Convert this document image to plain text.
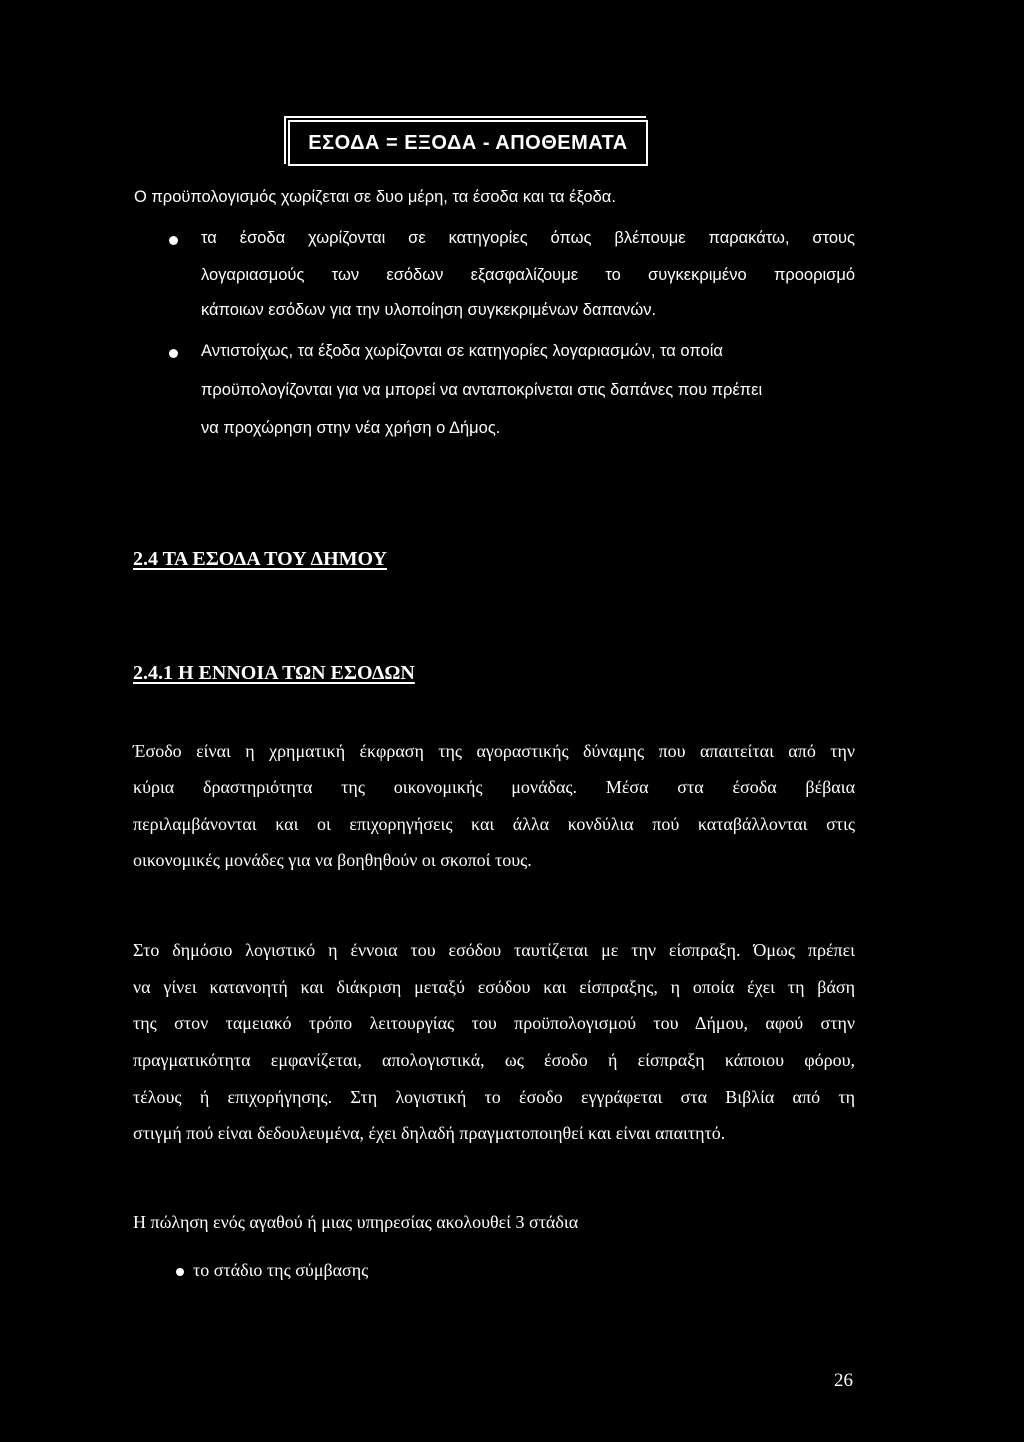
ΕΣΟΔΑ = ΕΞΟΔΑ - ΑΠΟΘΕΜΑΤΑ
Ο προϋπολογισμός χωρίζεται σε δυο μέρη, τα έσοδα και τα έξοδα.
τα έσοδα χωρίζονται σε κατηγορίες όπως βλέπουμε παρακάτω, στους
λογαριασμούς των εσόδων εξασφαλίζουμε το συγκεκριμένο προορισμό
κάποιων εσόδων για την υλοποίηση συγκεκριμένων δαπανών.
Αντιστοίχως, τα έξοδα χωρίζονται σε κατηγορίες λογαριασμών, τα οποία
προϋπολογίζονται για να μπορεί να ανταποκρίνεται στις δαπάνες που πρέπει
να προχώρηση στην νέα χρήση ο Δήμος.
2.4 ΤΑ ΕΣΟΔΑ ΤΟΥ ΔΗΜΟΥ
2.4.1 Η ΕΝΝΟΙΑ ΤΩΝ ΕΣΟΔΩΝ
Έσοδο είναι η χρηματική έκφραση της αγοραστικής δύναμης που απαιτείται από την
κύρια δραστηριότητα της οικονομικής μονάδας. Μέσα στα έσοδα βέβαια
περιλαμβάνονται και οι επιχορηγήσεις και άλλα κονδύλια πού καταβάλλονται στις
οικονομικές μονάδες για να βοηθηθούν οι σκοποί τους.
Στο δημόσιο λογιστικό η έννοια του εσόδου ταυτίζεται με την είσπραξη. Όμως πρέπει
να γίνει κατανοητή και διάκριση μεταξύ εσόδου και είσπραξης, η οποία έχει τη βάση
της στον ταμειακό τρόπο λειτουργίας του προϋπολογισμού του Δήμου, αφού στην
πραγματικότητα εμφανίζεται, απολογιστικά, ως έσοδο ή είσπραξη κάποιου φόρου,
τέλους ή επιχορήγησης. Στη λογιστική το έσοδο εγγράφεται στα Βιβλία από τη
στιγμή πού είναι δεδουλευμένα, έχει δηλαδή πραγματοποιηθεί και είναι απαιτητό.
Η πώληση ενός αγαθού ή μιας υπηρεσίας ακολουθεί 3 στάδια
το στάδιο της σύμβασης
26
